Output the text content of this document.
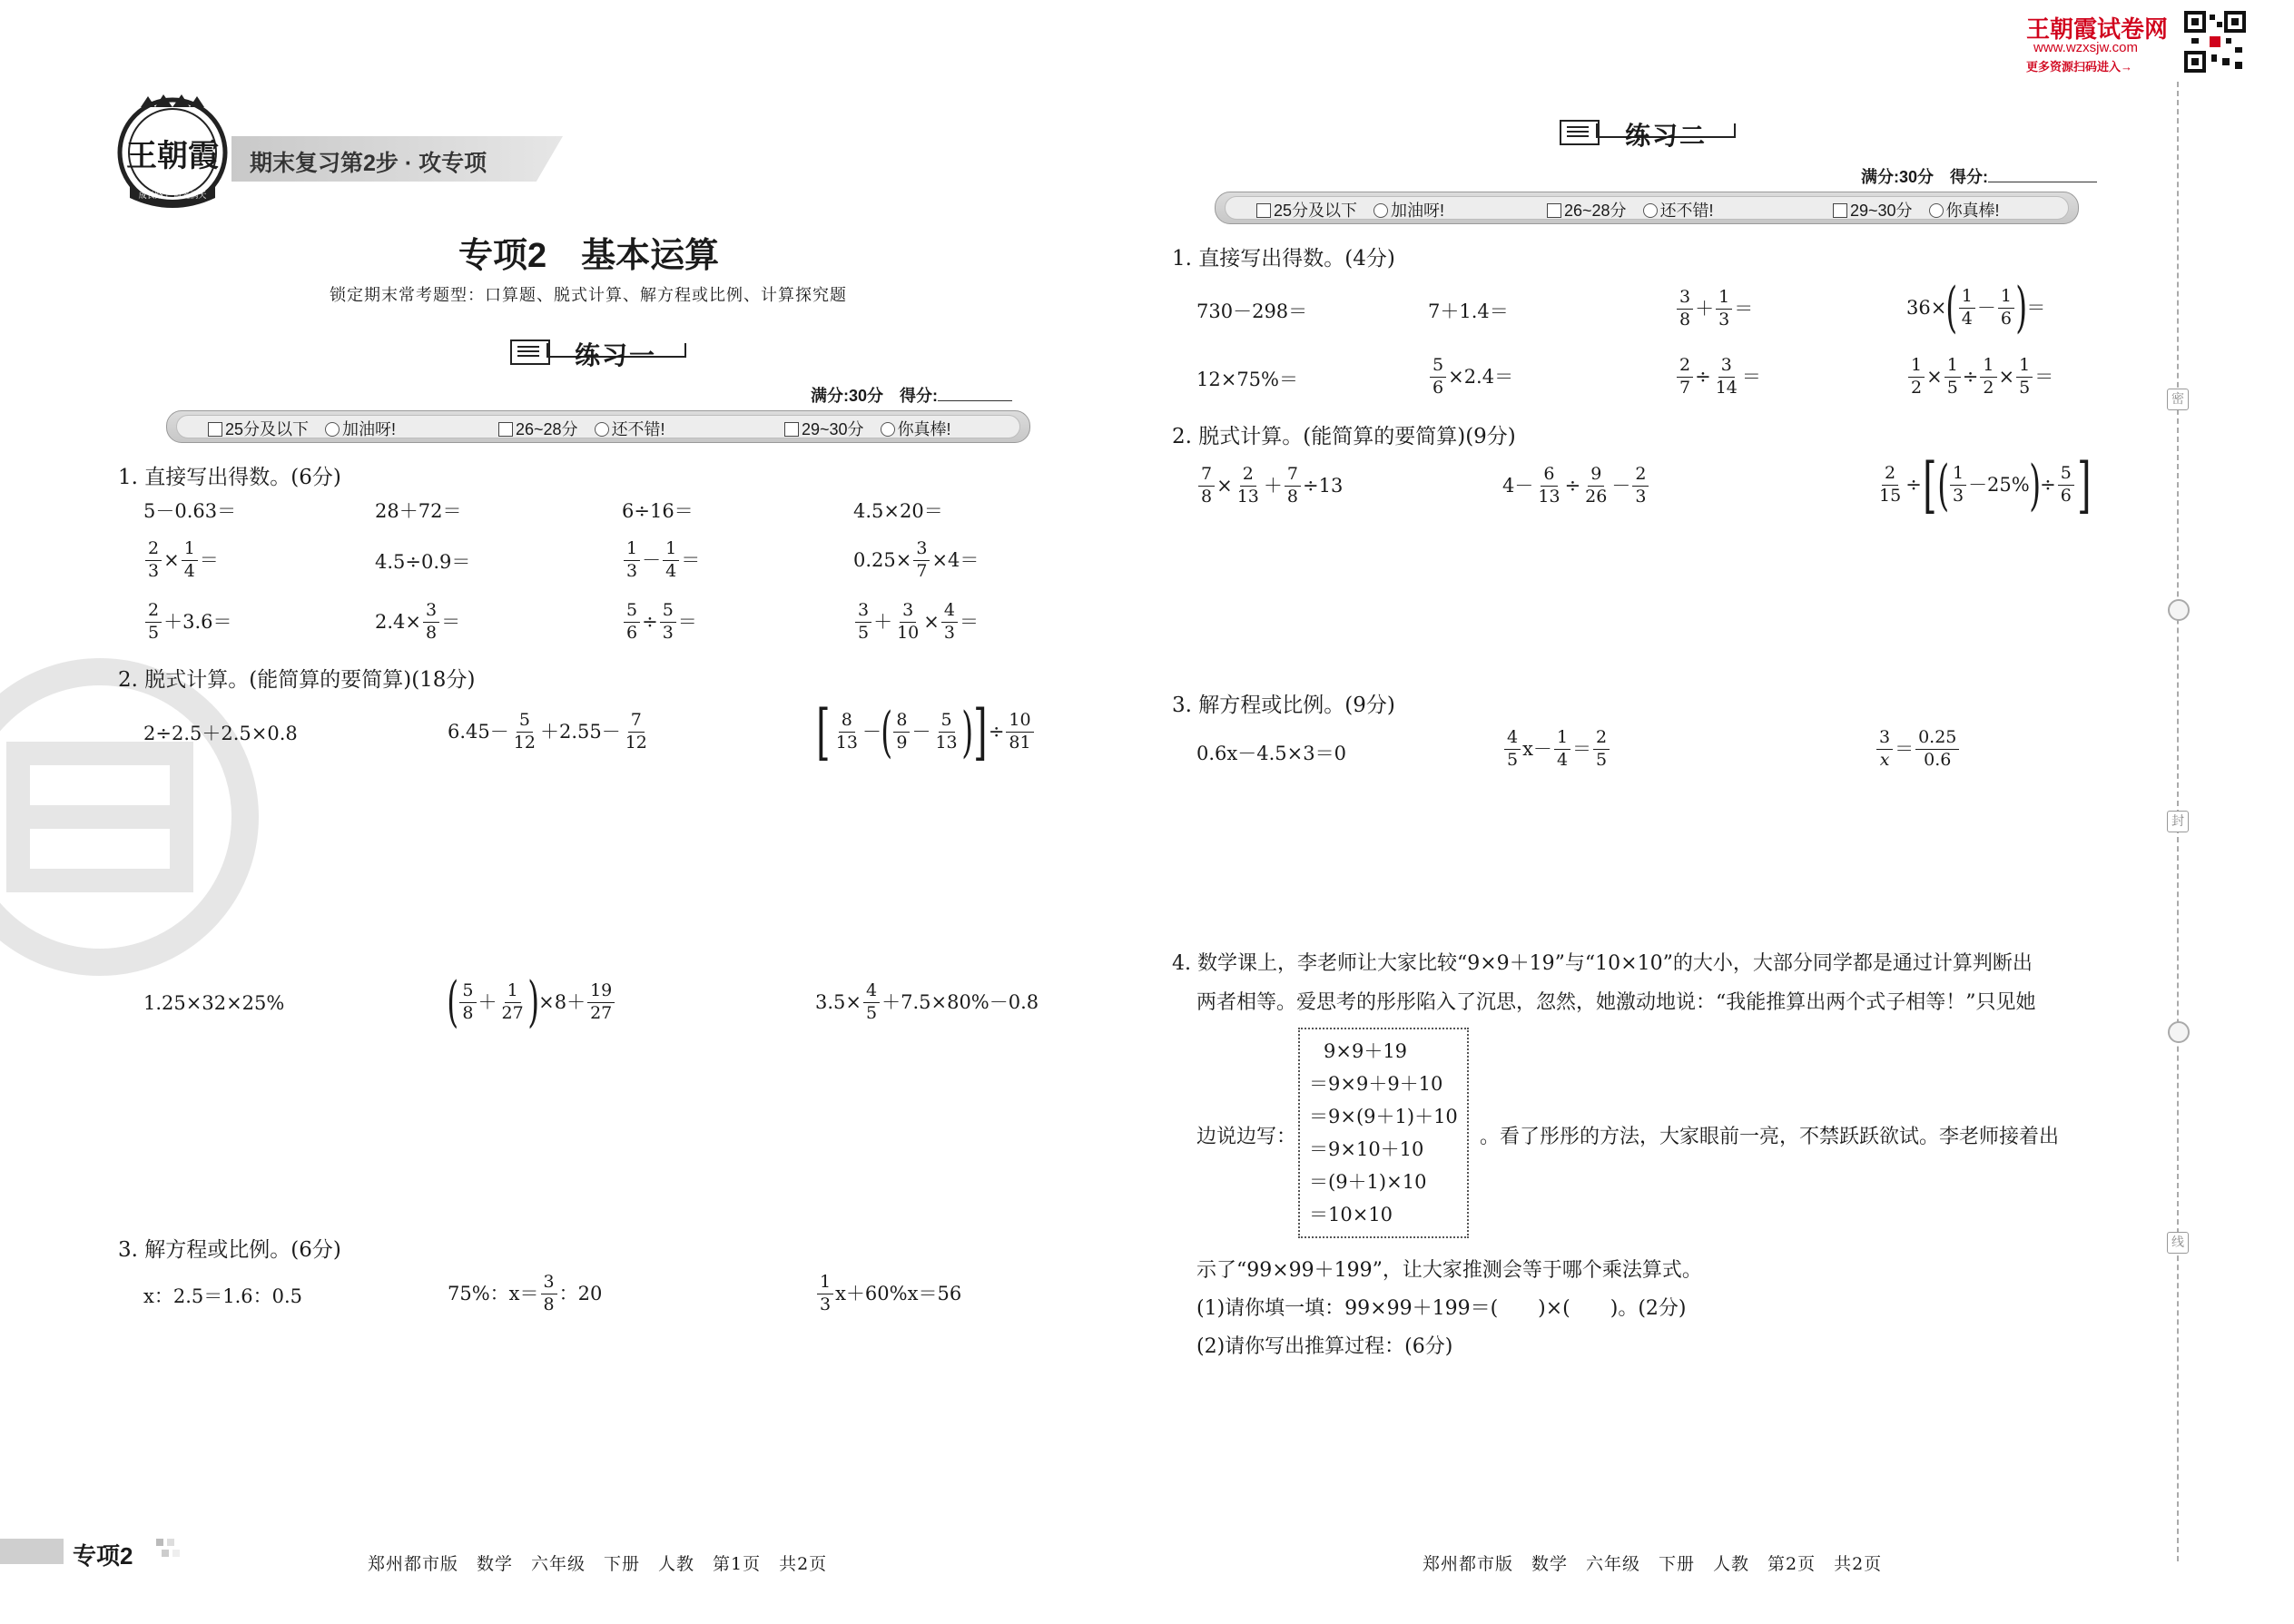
王朝霞
成长路上 霞光满天
期末复习第2步 · 攻专项
专项2　基本运算
锁定期末常考题型：口算题、脱式计算、解方程或比例、计算探究题
练习一
满分:30分　得分:
25分及以下　 加油呀!	26~28分　 还不错!	29~30分　 你真棒!
1. 直接写出得数。(6分)
5－0.63＝	28＋72＝	6÷16＝	4.5×20＝
$\frac{2}{3} \times \frac{1}{4}$ ＝	4.5÷0.9＝	$\frac{1}{3} - \frac{1}{4}$ ＝	$0.25\times \frac{3}{7} \times 4=$
$\frac{2}{5} +3.6=$	$2.4\times \frac{3}{8}$ ＝	$\frac{5}{6} \div \frac{5}{3}$ ＝	$\frac{3}{5} + \frac{3}{10} \times \frac{4}{3}$ ＝
2. 脱式计算。(能简算的要简算)(18分)
2÷2.5＋2.5×0.8	$6.45- \frac{5}{12} +2.55- \frac{7}{12}$	[ $\frac{8}{13}$ － ( $\frac{8}{9} - \frac{5}{13}$ ) ] ÷ $\frac{10}{81}$
1.25×32×25%	( $\frac{5}{8} + \frac{1}{27}$ ) $\times 8+ \frac{19}{27}$	$3.5\times \frac{4}{5} +7.5\times 80\%-0.8$
3. 解方程或比例。(6分)
x：2.5＝1.6：0.5	75%：$x= \frac{3}{8}$ ：20	$\frac{1}{3} x+60\%x=56$
专项2	郑州都市版　数学　六年级　下册　人教　第1页　共2页
王朝霞试卷网
www.wzxsjw.com
更多资源扫码进入→
练习二
满分:30分　得分:
25分及以下　 加油呀!	26~28分　 还不错!	29~30分　 你真棒!
1. 直接写出得数。(4分)
730－298＝	7＋1.4＝	$\frac{3}{8} + \frac{1}{3}$ ＝	36× ( $\frac{1}{4} - \frac{1}{6}$ ) ＝
12×75%＝	$\frac{5}{6} \times 2.4=$	$\frac{2}{7} \div \frac{3}{14}$ ＝	$\frac{1}{2} \times \frac{1}{5} \div \frac{1}{2} \times \frac{1}{5}$ ＝
2. 脱式计算。(能简算的要简算)(9分)
$\frac{7}{8} \times \frac{2}{13} + \frac{7}{8} \div 13$	$4- \frac{6}{13} \div \frac{9}{26} - \frac{2}{3}$	$\frac{2}{15}$ ÷ [ ( $\frac{1}{3} -25\%$ ) ÷ $\frac{5}{6}$ ]
3. 解方程或比例。(9分)
0.6x－4.5×3＝0	$\frac{4}{5} x- \frac{1}{4} = \frac{2}{5}$	$\frac{3}{x} = \frac{0.25}{0.6}$
4. 数学课上，李老师让大家比较“9×9＋19”与“10×10”的大小，大部分同学都是通过计算判断出
两者相等。爱思考的彤彤陷入了沉思，忽然，她激动地说：“我能推算出两个式子相等！”只见她
边说边写：
9×9＋19
＝9×9＋9＋10
＝9×(9＋1)＋10
＝9×10＋10
＝(9＋1)×10
＝10×10
。看了彤彤的方法，大家眼前一亮，不禁跃跃欲试。李老师接着出
示了“99×99＋199”，让大家推测会等于哪个乘法算式。
(1)请你填一填：99×99＋199＝(　　)×(　　)。(2分)
(2)请你写出推算过程：(6分)
郑州都市版　数学　六年级　下册　人教　第2页　共2页
密
封
线
